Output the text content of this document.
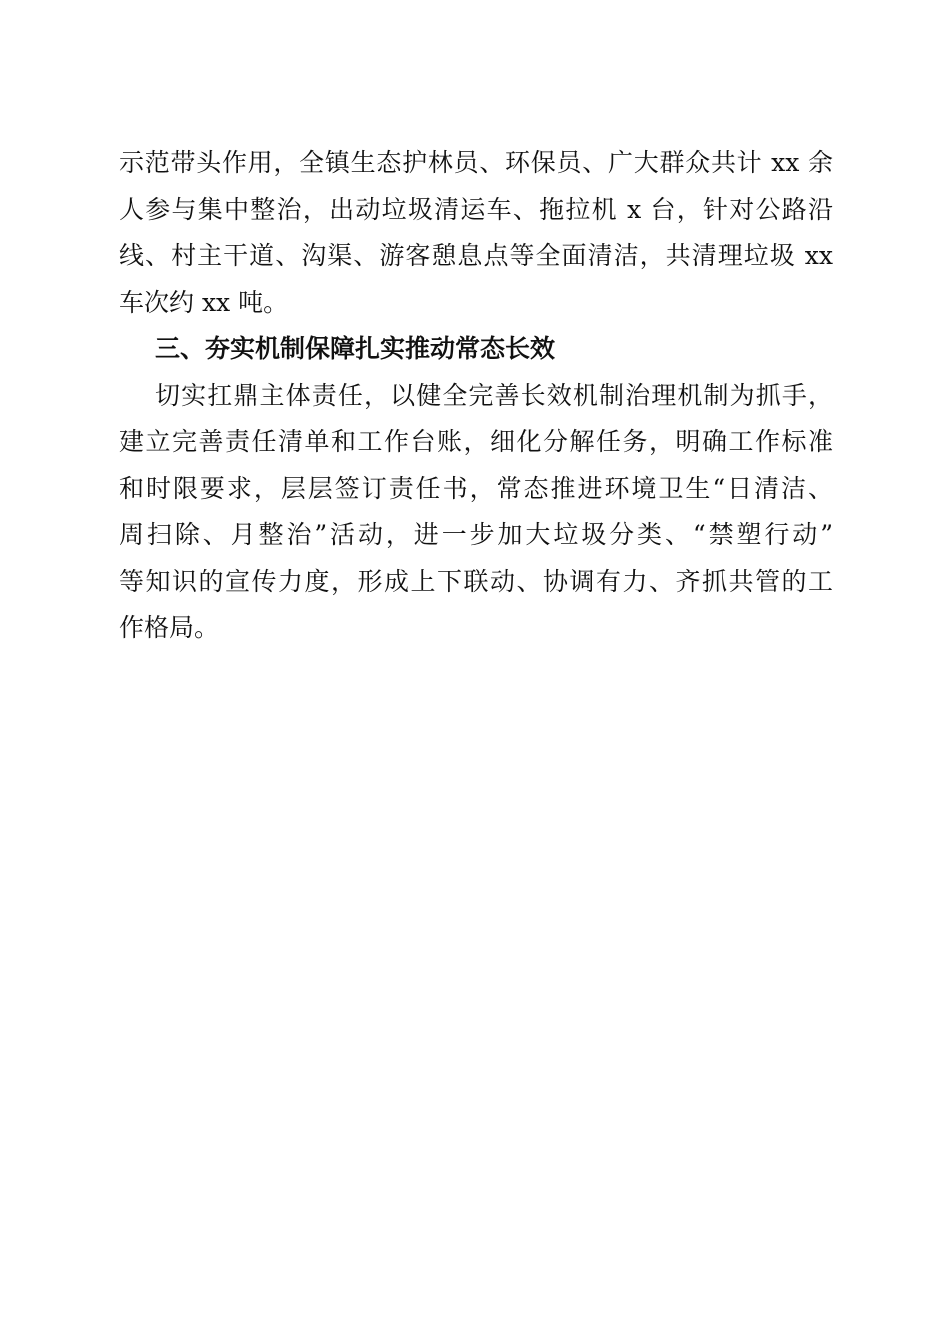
示范带头作用，全镇生态护林员、环保员、广大群众共计 xx 余
人参与集中整治，出动垃圾清运车、拖拉机 x 台，针对公路沿
线、村主干道、沟渠、游客憩息点等全面清洁，共清理垃圾 xx
车次约 xx 吨。
三、夯实机制保障扎实推动常态长效
切实扛鼎主体责任，以健全完善长效机制治理机制为抓手，
建立完善责任清单和工作台账，细化分解任务，明确工作标准
和时限要求，层层签订责任书，常态推进环境卫生“日清洁、
周扫除、月整治”活动，进一步加大垃圾分类、“禁塑行动”
等知识的宣传力度，形成上下联动、协调有力、齐抓共管的工
作格局。
